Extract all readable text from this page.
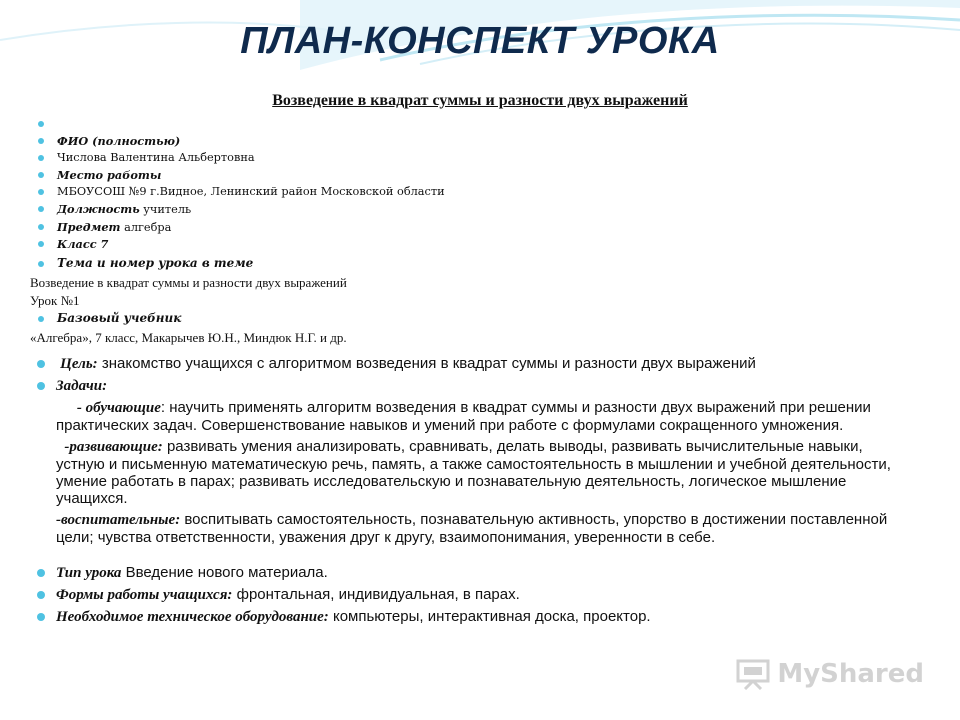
ПЛАН-КОНСПЕКТ УРОКА
Возведение в квадрат суммы и разности двух выражений

ФИО (полностью)
Числова Валентина Альбертовна
Место работы
МБОУСОШ №9 г.Видное, Ленинский район Московской области
Должность учитель
Предмет алгебра
Класс 7
Тема и номер урока в теме
Возведение в квадрат суммы и разности двух выражений
Урок №1
Базовый учебник
«Алгебра», 7 класс, Макарычев Ю.Н., Миндюк Н.Г. и др.
Цель: знакомство учащихся с алгоритмом возведения в квадрат суммы и разности двух выражений
Задачи:
- обучающие: научить применять алгоритм возведения в квадрат суммы и разности двух выражений при решении практических задач. Совершенствование навыков и умений при работе с формулами сокращенного умножения.
-развивающие: развивать умения анализировать, сравнивать, делать выводы, развивать вычислительные навыки, устную и письменную математическую речь, память, а также самостоятельность в мышлении и учебной деятельности, умение работать в парах; развивать исследовательскую и познавательную деятельность, логическое мышление учащихся.
-воспитательные: воспитывать самостоятельность, познавательную активность, упорство в достижении поставленной цели; чувства ответственности, уважения друг к другу, взаимопонимания, уверенности в себе.
Тип урока Введение нового материала.
Формы работы учащихся: фронтальная, индивидуальная, в парах.
Необходимое техническое оборудование: компьютеры, интерактивная доска, проектор.
MyShared
